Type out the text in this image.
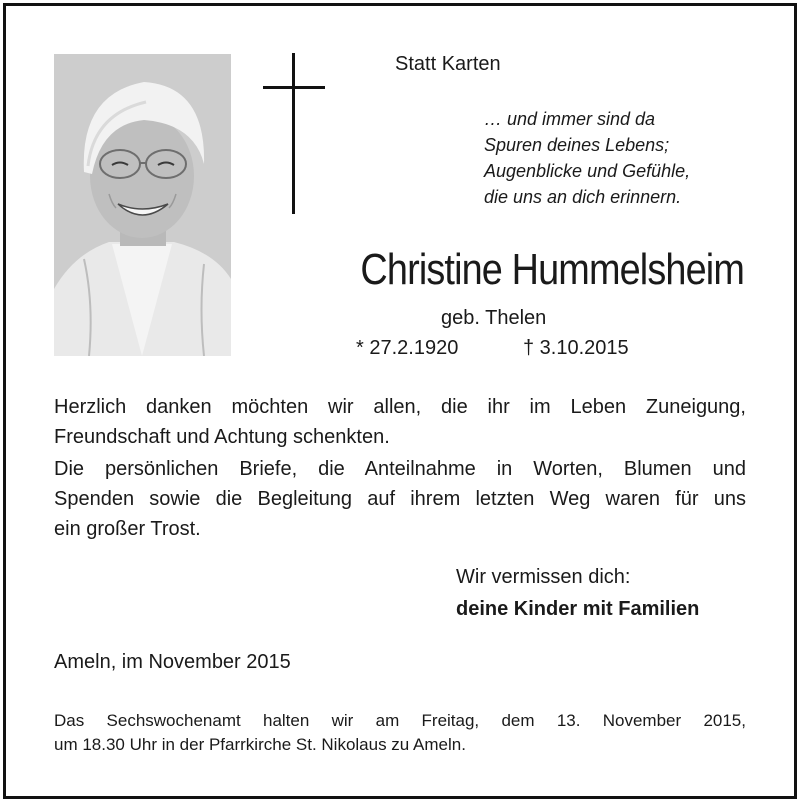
Statt Karten
… und immer sind da
Spuren deines Lebens;
Augenblicke und Gefühle,
die uns an dich erinnern.
Christine Hummelsheim
geb. Thelen
* 27.2.1920	† 3.10.2015
Herzlich danken möchten wir allen, die ihr im Leben Zuneigung,
Freundschaft und Achtung schenkten.
Die persönlichen Briefe, die Anteilnahme in Worten, Blumen und
Spenden sowie die Begleitung auf ihrem letzten Weg waren für uns
ein großer Trost.
Wir vermissen dich:
deine Kinder mit Familien
Ameln, im November 2015
Das Sechswochenamt halten wir am Freitag, dem 13. November 2015,
um 18.30 Uhr in der Pfarrkirche St. Nikolaus zu Ameln.
